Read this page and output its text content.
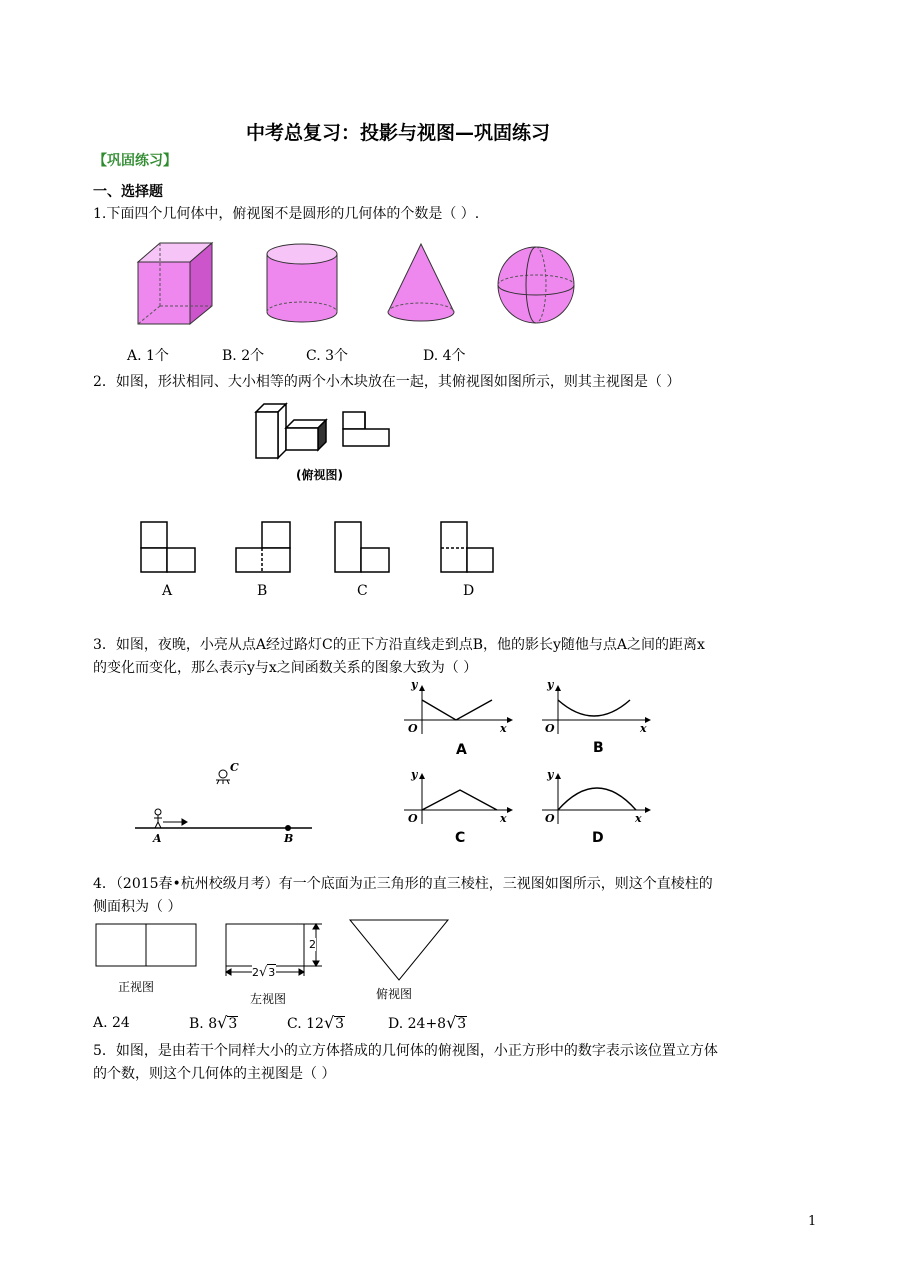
中考总复习：投影与视图—巩固练习
【巩固练习】
一、选择题
1.下面四个几何体中，俯视图不是圆形的几何体的个数是（ ）.
A. 1个	B. 2个	C. 3个	D. 4个
2．如图，形状相同、大小相等的两个小木块放在一起，其俯视图如图所示，则其主视图是（ ）
(俯视图)
A	B	C	D
3．如图，夜晚，小亮从点A经过路灯C的正下方沿直线走到点B，他的影长y随他与点A之间的距离x
的变化而变化，那么表示y与x之间函数关系的图象大致为（ ）
C
A	B
y
O	x
A
y
O	x
B
y
O	x
C
y
O	x
D
4．（2015春•杭州校级月考）有一个底面为正三角形的直三棱柱，三视图如图所示，则这个直棱柱的
侧面积为（ ）
2
2√3
正视图
左视图	俯视图
A. 24	B. 8√3	C. 12√3	D. 24+8√3
5．如图，是由若干个同样大小的立方体搭成的几何体的俯视图，小正方形中的数字表示该位置立方体
的个数，则这个几何体的主视图是（ ）
1
